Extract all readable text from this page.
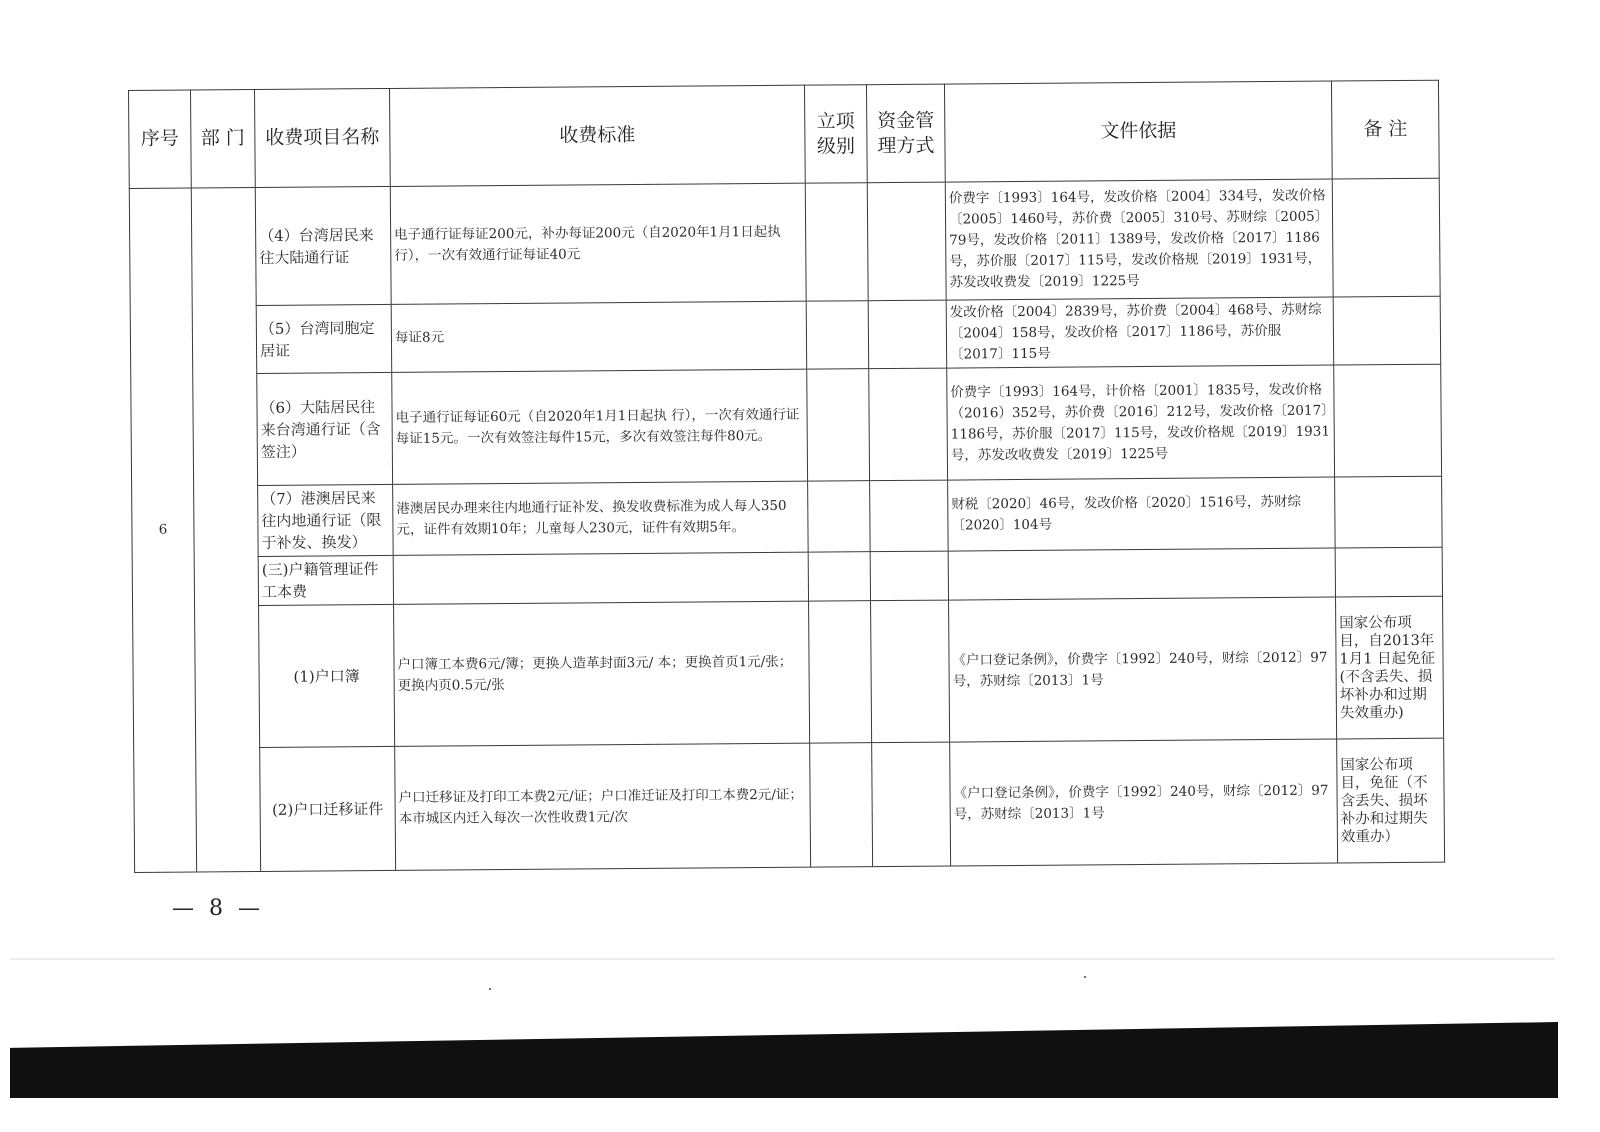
序号	部 门	收费项目名称	收费标准	立项级别	资金管理方式	文件依据	备 注
6		（4）台湾居民来往大陆通行证	电子通行证每证200元，补办每证200元（自2020年1月1日起执行），一次有效通行证每证40元			价费字〔1993〕164号，发改价格〔2004〕334号，发改价格〔2005〕1460号，苏价费〔2005〕310号、苏财综〔2005〕79号，发改价格〔2011〕1389号，发改价格〔2017〕1186号，苏价服〔2017〕115号，发改价格规〔2019〕1931号，苏发改收费发〔2019〕1225号	
		（5）台湾同胞定居证	每证8元			发改价格〔2004〕2839号，苏价费〔2004〕468号、苏财综〔2004〕158号，发改价格〔2017〕1186号，苏价服〔2017〕115号	
		（6）大陆居民往来台湾通行证（含签注）	电子通行证每证60元（自2020年1月1日起执 行），一次有效通行证每证15元。一次有效签注每件15元，多次有效签注每件80元。			价费字〔1993〕164号，计价格〔2001〕1835号，发改价格（2016）352号，苏价费〔2016〕212号，发改价格〔2017〕1186号，苏价服〔2017〕115号，发改价格规〔2019〕1931号，苏发改收费发〔2019〕1225号	
		（7）港澳居民来往内地通行证（限于补发、换发）	港澳居民办理来往内地通行证补发、换发收费标准为成人每人350元，证件有效期10年；儿童每人230元，证件有效期5年。			财税〔2020〕46号，发改价格〔2020〕1516号，苏财综〔2020〕104号	
		(三)户籍管理证件工本费					
		(1)户口簿	户口簿工本费6元/簿；更换人造革封面3元/ 本；更换首页1元/张；更换内页0.5元/张			《户口登记条例》，价费字〔1992〕240号，财综〔2012〕97号，苏财综〔2013〕1号	国家公布项目，自2013年1月1 日起免征(不含丢失、损坏补办和过期失效重办)
		(2)户口迁移证件	户口迁移证及打印工本费2元/证；户口准迁证及打印工本费2元/证；本市城区内迁入每次一次性收费1元/次			《户口登记条例》，价费字〔1992〕240号，财综〔2012〕97号，苏财综〔2013〕1号	国家公布项目，免征（不含丢失、损坏补办和过期失效重办）
— 8 —
